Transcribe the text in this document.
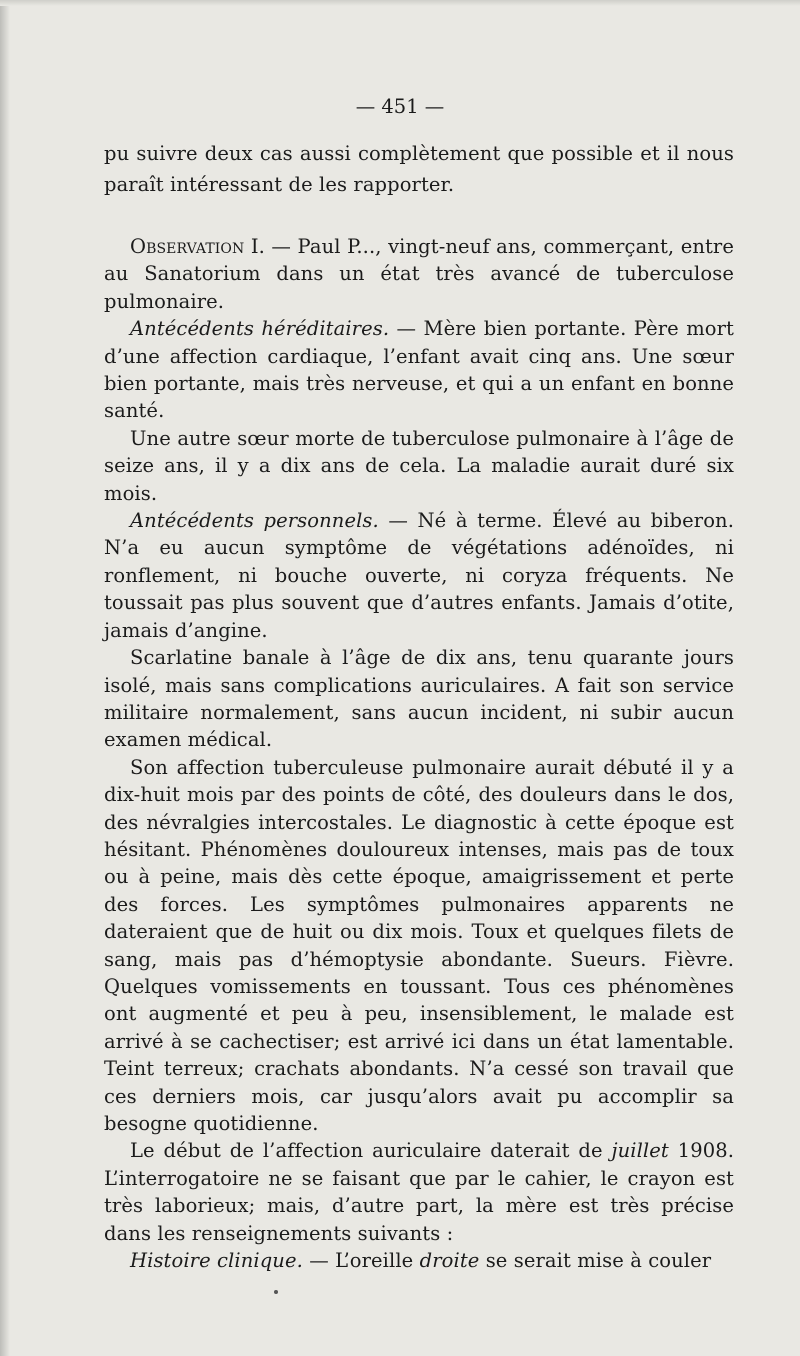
— 451 —

pu suivre deux cas aussi complètement que possible et il nous paraît intéressant de les rapporter.

Observation I. — Paul P..., vingt-neuf ans, commerçant, entre au Sanatorium dans un état très avancé de tuberculose pulmonaire.

Antécédents héréditaires. — Mère bien portante. Père mort d’une affection cardiaque, l’enfant avait cinq ans. Une sœur bien portante, mais très nerveuse, et qui a un enfant en bonne santé.

Une autre sœur morte de tuberculose pulmonaire à l’âge de seize ans, il y a dix ans de cela. La maladie aurait duré six mois.

Antécédents personnels. — Né à terme. Élevé au biberon. N’a eu aucun symptôme de végétations adénoïdes, ni ronflement, ni bouche ouverte, ni coryza fréquents. Ne toussait pas plus souvent que d’autres enfants. Jamais d’otite, jamais d’angine.

Scarlatine banale à l’âge de dix ans, tenu quarante jours isolé, mais sans complications auriculaires. A fait son service militaire normalement, sans aucun incident, ni subir aucun examen médical.

Son affection tuberculeuse pulmonaire aurait débuté il y a dix-huit mois par des points de côté, des douleurs dans le dos, des névralgies intercostales. Le diagnostic à cette époque est hésitant. Phénomènes douloureux intenses, mais pas de toux ou à peine, mais dès cette époque, amaigrissement et perte des forces. Les symptômes pulmonaires apparents ne dateraient que de huit ou dix mois. Toux et quelques filets de sang, mais pas d’hémoptysie abondante. Sueurs. Fièvre. Quelques vomissements en toussant. Tous ces phénomènes ont augmenté et peu à peu, insensiblement, le malade est arrivé à se cachectiser; est arrivé ici dans un état lamentable. Teint terreux; crachats abondants. N’a cessé son travail que ces derniers mois, car jusqu’alors avait pu accomplir sa besogne quotidienne.

Le début de l’affection auriculaire daterait de juillet 1908. L’interrogatoire ne se faisant que par le cahier, le crayon est très laborieux; mais, d’autre part, la mère est très précise dans les renseignements suivants :

Histoire clinique. — L’oreille droite se serait mise à couler
